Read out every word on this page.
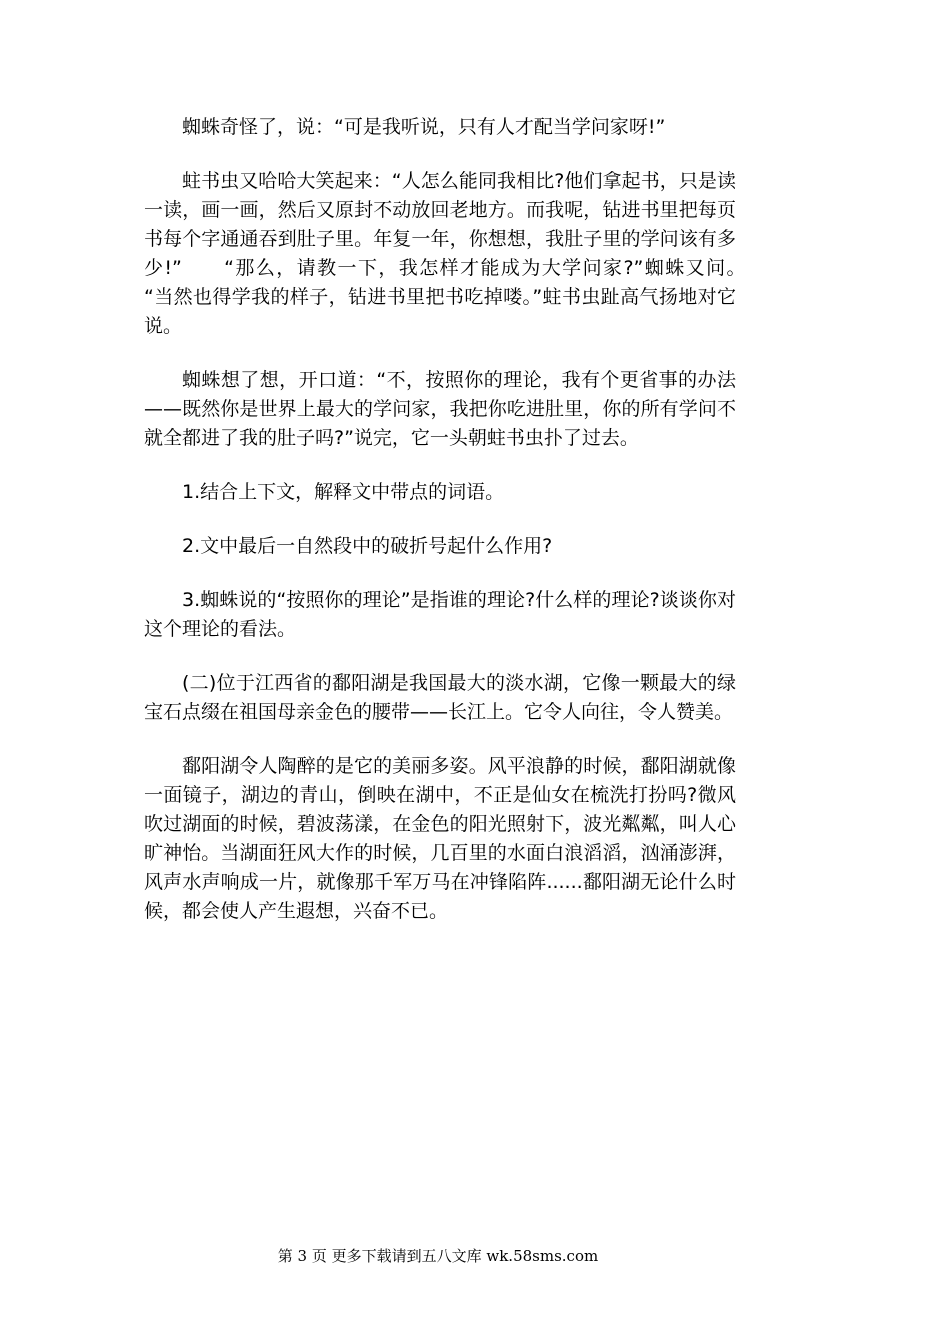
蜘蛛奇怪了，说：“可是我听说，只有人才配当学问家呀!”

蛀书虫又哈哈大笑起来：“人怎么能同我相比?他们拿起书，只是读一读，画一画，然后又原封不动放回老地方。而我呢，钻进书里把每页书每个字通通吞到肚子里。年复一年，你想想，我肚子里的学问该有多少!”　　“那么，请教一下，我怎样才能成为大学问家?”蜘蛛又问。　　“当然也得学我的样子，钻进书里把书吃掉喽。”蛀书虫趾高气扬地对它说。

蜘蛛想了想，开口道：“不，按照你的理论，我有个更省事的办法——既然你是世界上最大的学问家，我把你吃进肚里，你的所有学问不就全都进了我的肚子吗?”说完，它一头朝蛀书虫扑了过去。

1.结合上下文，解释文中带点的词语。

2.文中最后一自然段中的破折号起什么作用?

3.蜘蛛说的“按照你的理论”是指谁的理论?什么样的理论?谈谈你对这个理论的看法。

(二)位于江西省的鄱阳湖是我国最大的淡水湖，它像一颗最大的绿宝石点缀在祖国母亲金色的腰带——长江上。它令人向往，令人赞美。

鄱阳湖令人陶醉的是它的美丽多姿。风平浪静的时候，鄱阳湖就像一面镜子，湖边的青山，倒映在湖中，不正是仙女在梳洗打扮吗?微风吹过湖面的时候，碧波荡漾，在金色的阳光照射下，波光粼粼，叫人心旷神怡。当湖面狂风大作的时候，几百里的水面白浪滔滔，汹涌澎湃，风声水声响成一片，就像那千军万马在冲锋陷阵......鄱阳湖无论什么时候，都会使人产生遐想，兴奋不已。

第 3 页 更多下载请到五八文库 wk.58sms.com
